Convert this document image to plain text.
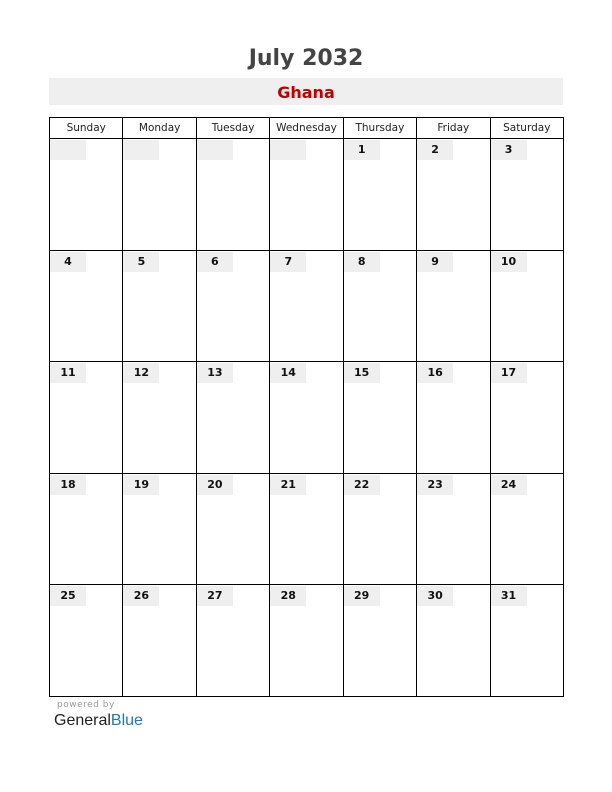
July 2032
Ghana
Sunday	Monday	Tuesday	Wednesday	Thursday	Friday	Saturday

				1	2	3

4	5	6	7	8	9	10

11	12	13	14	15	16	17

18	19	20	21	22	23	24

25	26	27	28	29	30	31
powered by
GeneralBlue
